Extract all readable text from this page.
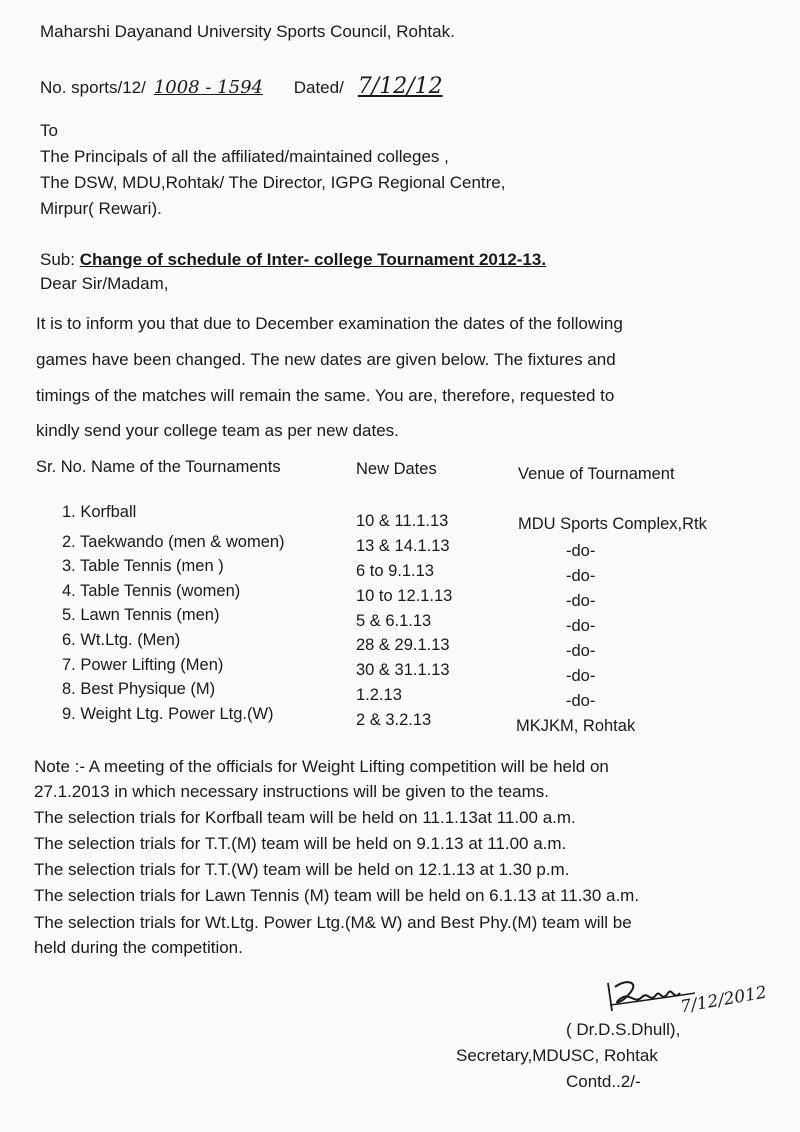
Maharshi Dayanand University Sports Council, Rohtak.
No. sports/12/ 1008 - 1594 Dated/ 7/12/12
To
The Principals of all the affiliated/maintained colleges ,
The DSW, MDU,Rohtak/ The Director, IGPG Regional Centre,
Mirpur( Rewari).
Sub: Change of schedule of Inter- college Tournament 2012-13.
Dear Sir/Madam,
It is to inform you that due to December examination the dates of the following
games have been changed. The new dates are given below. The fixtures and
timings of the matches will remain the same. You are, therefore, requested to
kindly send your college team as per new dates.
Sr. No. Name of the Tournaments	New Dates	Venue of Tournament
1. Korfball	10 & 11.1.13	MDU Sports Complex,Rtk
2. Taekwando (men & women)	13 & 14.1.13	-do-
3. Table Tennis (men )	6 to 9.1.13	-do-
4. Table Tennis (women)	10 to 12.1.13	-do-
5. Lawn Tennis (men)	5 & 6.1.13	-do-
6. Wt.Ltg. (Men)	28 & 29.1.13	-do-
7. Power Lifting (Men)	30 & 31.1.13	-do-
8. Best Physique (M)	1.2.13	-do-
9. Weight Ltg. Power Ltg.(W)	2 & 3.2.13	MKJKM, Rohtak
Note :- A meeting of the officials for Weight Lifting competition will be held on
27.1.2013 in which necessary instructions will be given to the teams.
The selection trials for Korfball team will be held on 11.1.13at 11.00 a.m.
The selection trials for T.T.(M) team will be held on 9.1.13 at 11.00 a.m.
The selection trials for T.T.(W) team will be held on 12.1.13 at 1.30 p.m.
The selection trials for Lawn Tennis (M) team will be held on 6.1.13 at 11.30 a.m.
The selection trials for Wt.Ltg. Power Ltg.(M& W) and Best Phy.(M) team will be
held during the competition.
7/12/2012
( Dr.D.S.Dhull),
Secretary,MDUSC, Rohtak
Contd..2/-
